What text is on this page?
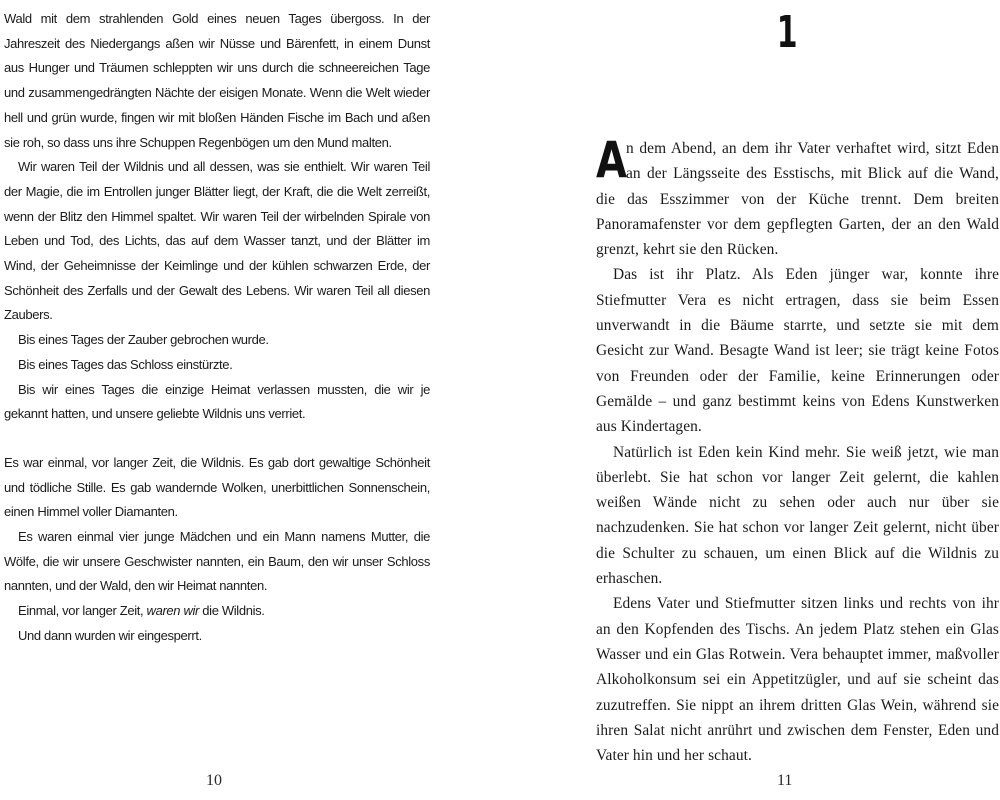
Wald mit dem strahlenden Gold eines neuen Tages übergoss. In der Jahreszeit des Niedergangs aßen wir Nüsse und Bärenfett, in einem Dunst aus Hunger und Träumen schleppten wir uns durch die schneereichen Tage und zusammengedrängten Nächte der eisigen Monate. Wenn die Welt wieder hell und grün wurde, fingen wir mit bloßen Händen Fische im Bach und aßen sie roh, so dass uns ihre Schuppen Regenbögen um den Mund malten.

Wir waren Teil der Wildnis und all dessen, was sie enthielt. Wir waren Teil der Magie, die im Entrollen junger Blätter liegt, der Kraft, die die Welt zerreißt, wenn der Blitz den Himmel spaltet. Wir waren Teil der wirbelnden Spirale von Leben und Tod, des Lichts, das auf dem Wasser tanzt, und der Blätter im Wind, der Geheimnisse der Keimlinge und der kühlen schwarzen Erde, der Schönheit des Zerfalls und der Gewalt des Lebens. Wir waren Teil all diesen Zaubers.

Bis eines Tages der Zauber gebrochen wurde.

Bis eines Tages das Schloss einstürzte.

Bis wir eines Tages die einzige Heimat verlassen mussten, die wir je gekannt hatten, und unsere geliebte Wildnis uns verriet.

Es war einmal, vor langer Zeit, die Wildnis. Es gab dort gewaltige Schönheit und tödliche Stille. Es gab wandernde Wolken, unerbittlichen Sonnenschein, einen Himmel voller Diamanten.

Es waren einmal vier junge Mädchen und ein Mann namens Mutter, die Wölfe, die wir unsere Geschwister nannten, ein Baum, den wir unser Schloss nannten, und der Wald, den wir Heimat nannten.

Einmal, vor langer Zeit, waren wir die Wildnis.

Und dann wurden wir eingesperrt.

10
1

A
n dem Abend, an dem ihr Vater verhaftet wird, sitzt Eden an der Längsseite des Esstischs, mit Blick auf die Wand, die das Esszimmer von der Küche trennt. Dem breiten Panoramafenster vor dem gepflegten Garten, der an den Wald grenzt, kehrt sie den Rücken.

Das ist ihr Platz. Als Eden jünger war, konnte ihre Stiefmutter Vera es nicht ertragen, dass sie beim Essen unverwandt in die Bäume starrte, und setzte sie mit dem Gesicht zur Wand. Besagte Wand ist leer; sie trägt keine Fotos von Freunden oder der Familie, keine Erinnerungen oder Gemälde – und ganz bestimmt keins von Edens Kunstwerken aus Kindertagen.

Natürlich ist Eden kein Kind mehr. Sie weiß jetzt, wie man überlebt. Sie hat schon vor langer Zeit gelernt, die kahlen weißen Wände nicht zu sehen oder auch nur über sie nachzudenken. Sie hat schon vor langer Zeit gelernt, nicht über die Schulter zu schauen, um einen Blick auf die Wildnis zu erhaschen.

Edens Vater und Stiefmutter sitzen links und rechts von ihr an den Kopfenden des Tischs. An jedem Platz stehen ein Glas Wasser und ein Glas Rotwein. Vera behauptet immer, maßvoller Alkoholkonsum sei ein Appetitzügler, und auf sie scheint das zuzutreffen. Sie nippt an ihrem dritten Glas Wein, während sie ihren Salat nicht anrührt und zwischen dem Fenster, Eden und Vater hin und her schaut.

11
